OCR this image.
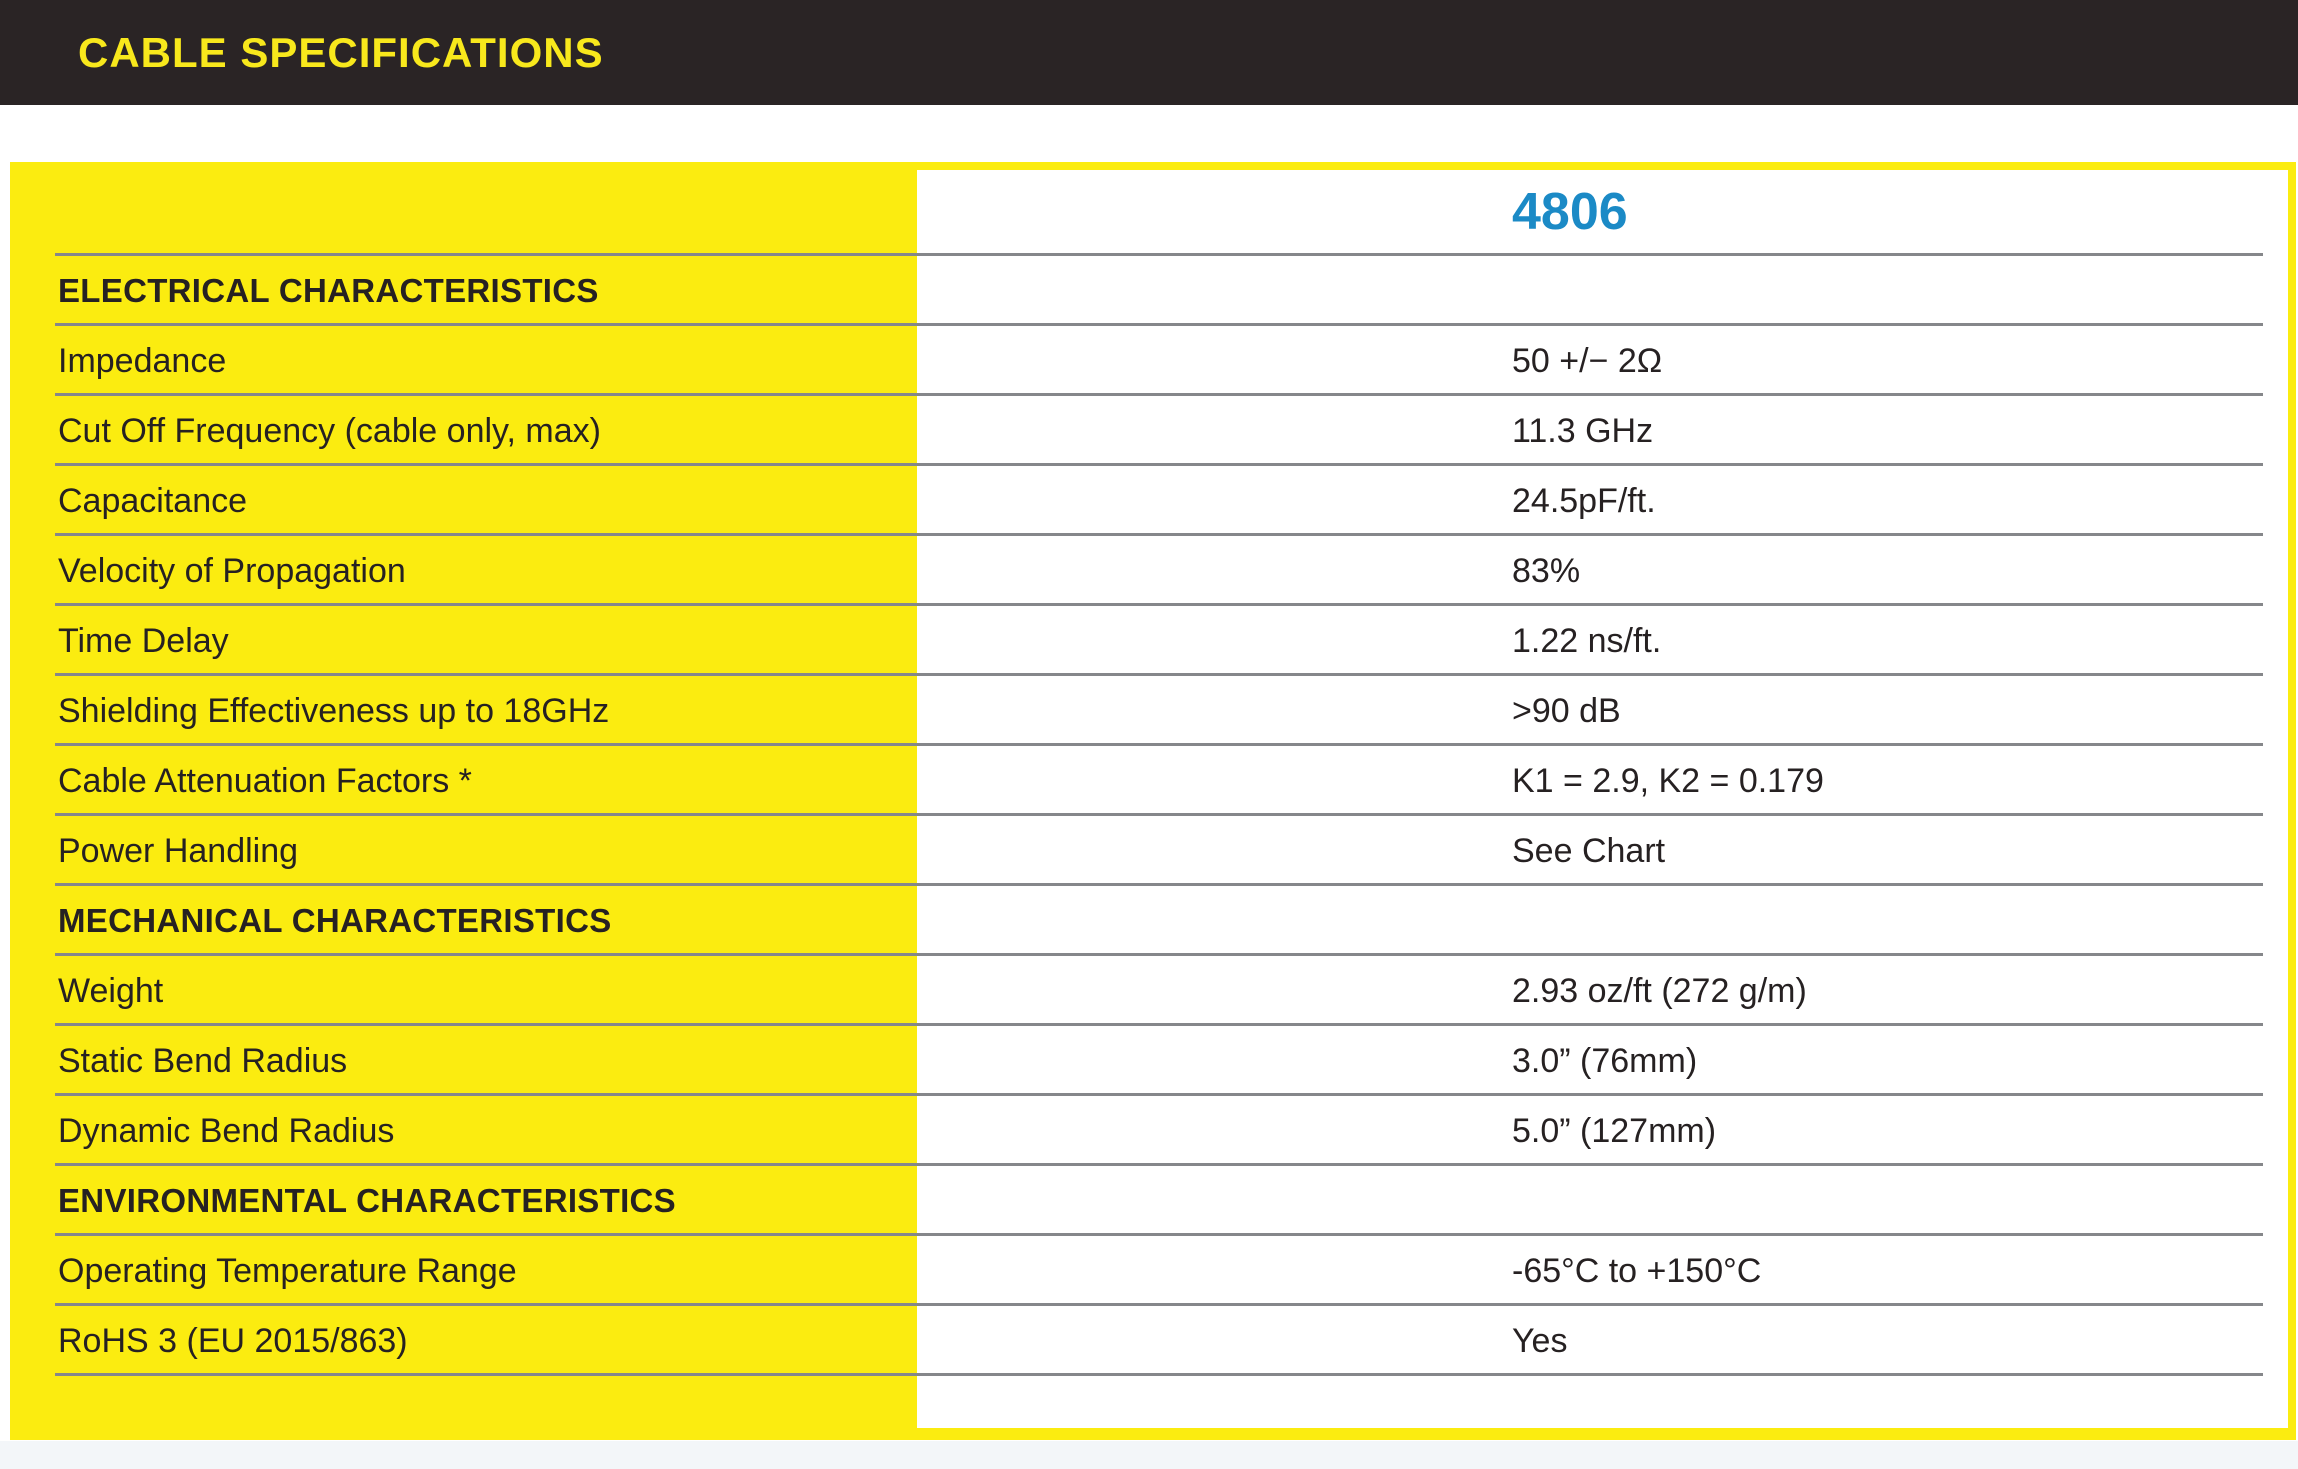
CABLE SPECIFICATIONS
4806
ELECTRICAL CHARACTERISTICS
Impedance	50 +/− 2Ω
Cut Off Frequency (cable only, max)	11.3 GHz
Capacitance	24.5pF/ft.
Velocity of Propagation	83%
Time Delay	1.22 ns/ft.
Shielding Effectiveness up to 18GHz	>90 dB
Cable Attenuation Factors *	K1 = 2.9, K2 = 0.179
Power Handling	See Chart
MECHANICAL CHARACTERISTICS
Weight	2.93 oz/ft (272 g/m)
Static Bend Radius	3.0” (76mm)
Dynamic Bend Radius	5.0” (127mm)
ENVIRONMENTAL CHARACTERISTICS
Operating Temperature Range	-65°C to +150°C
RoHS 3 (EU 2015/863)	Yes
